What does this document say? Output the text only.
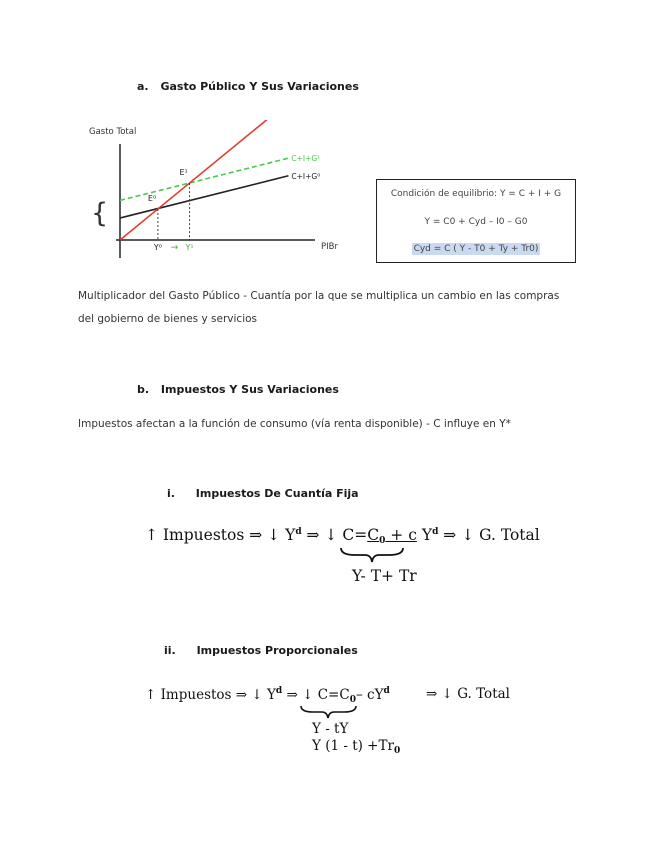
a. Gasto Público Y Sus Variaciones
Gasto Total
PIBr
C+I+G¹
C+I+G⁰
E⁰
Y⁰
E¹
Y¹
→
{
Condición de equilibrio: Y = C + I + G
Y = C0 + Cyd – I0 – G0
Cyd = C ( Y - T0 + Ty + Tr0)
Multiplicador del Gasto Público - Cuantía por la que se multiplica un cambio en las compras del gobierno de bienes y servicios
b. Impuestos Y Sus Variaciones
Impuestos afectan a la función de consumo (vía renta disponible) - C influye en Y*
i. Impuestos De Cuantía Fija
↑ Impuestos ⇒ ↓ $Y^d$ ⇒ ↓ $C=C_0 + c$ $Y^d$ ⇒ ↓ G. Total
Y- T+ Tr
ii. Impuestos Proporcionales
↑ Impuestos ⇒ ↓ $Y^d$ ⇒ ↓ $C=C_0-$ $cY^d$	⇒ ↓ G. Total
Y - tY
Y $(1 - t) +Tr_0$
